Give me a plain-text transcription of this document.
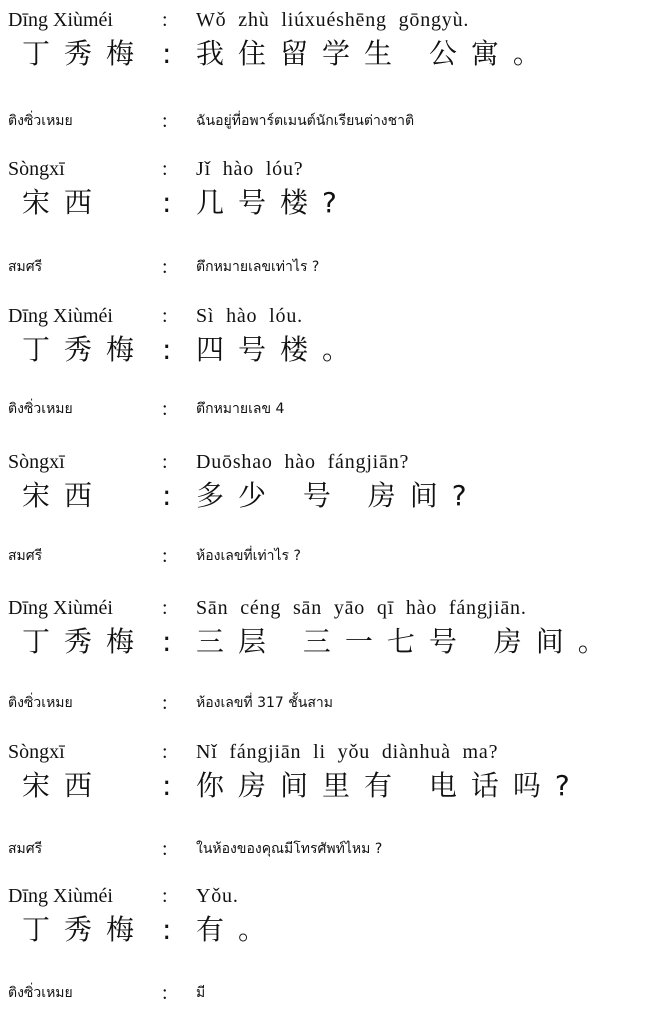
Dīng Xiùméi : Wǒ zhù liúxuéshēng gōngyù.
丁秀梅 : 我住留学生 公寓。
ติงซิ่วเหมย	: ฉันอยู่ที่อพาร์ตเมนต์นักเรียนต่างชาติ
Sòngxī	: Jǐ hào lóu?
宋西 : 几号楼?
สมศรี	: ตึกหมายเลขเท่าไร ?
Dīng Xiùméi : Sì hào lóu.
丁秀梅 : 四号楼。
ติงซิ่วเหมย	: ตึกหมายเลข 4
Sòngxī	: Duōshao hào fángjiān?
宋西 : 多少 号 房间?
สมศรี	: ห้องเลขที่เท่าไร ?
Dīng Xiùméi : Sān céng sān yāo qī hào fángjiān.
丁秀梅 : 三层 三一七号 房间。
ติงซิ่วเหมย	: ห้องเลขที่ 317 ชั้นสาม
Sòngxī	: Nǐ fángjiān li yǒu diànhuà ma?
宋西 : 你房间里有 电话吗?
สมศรี	: ในห้องของคุณมีโทรศัพท์ไหม ?
Dīng Xiùméi : Yǒu.
丁秀梅 : 有。
ติงซิ่วเหมย	: มี
